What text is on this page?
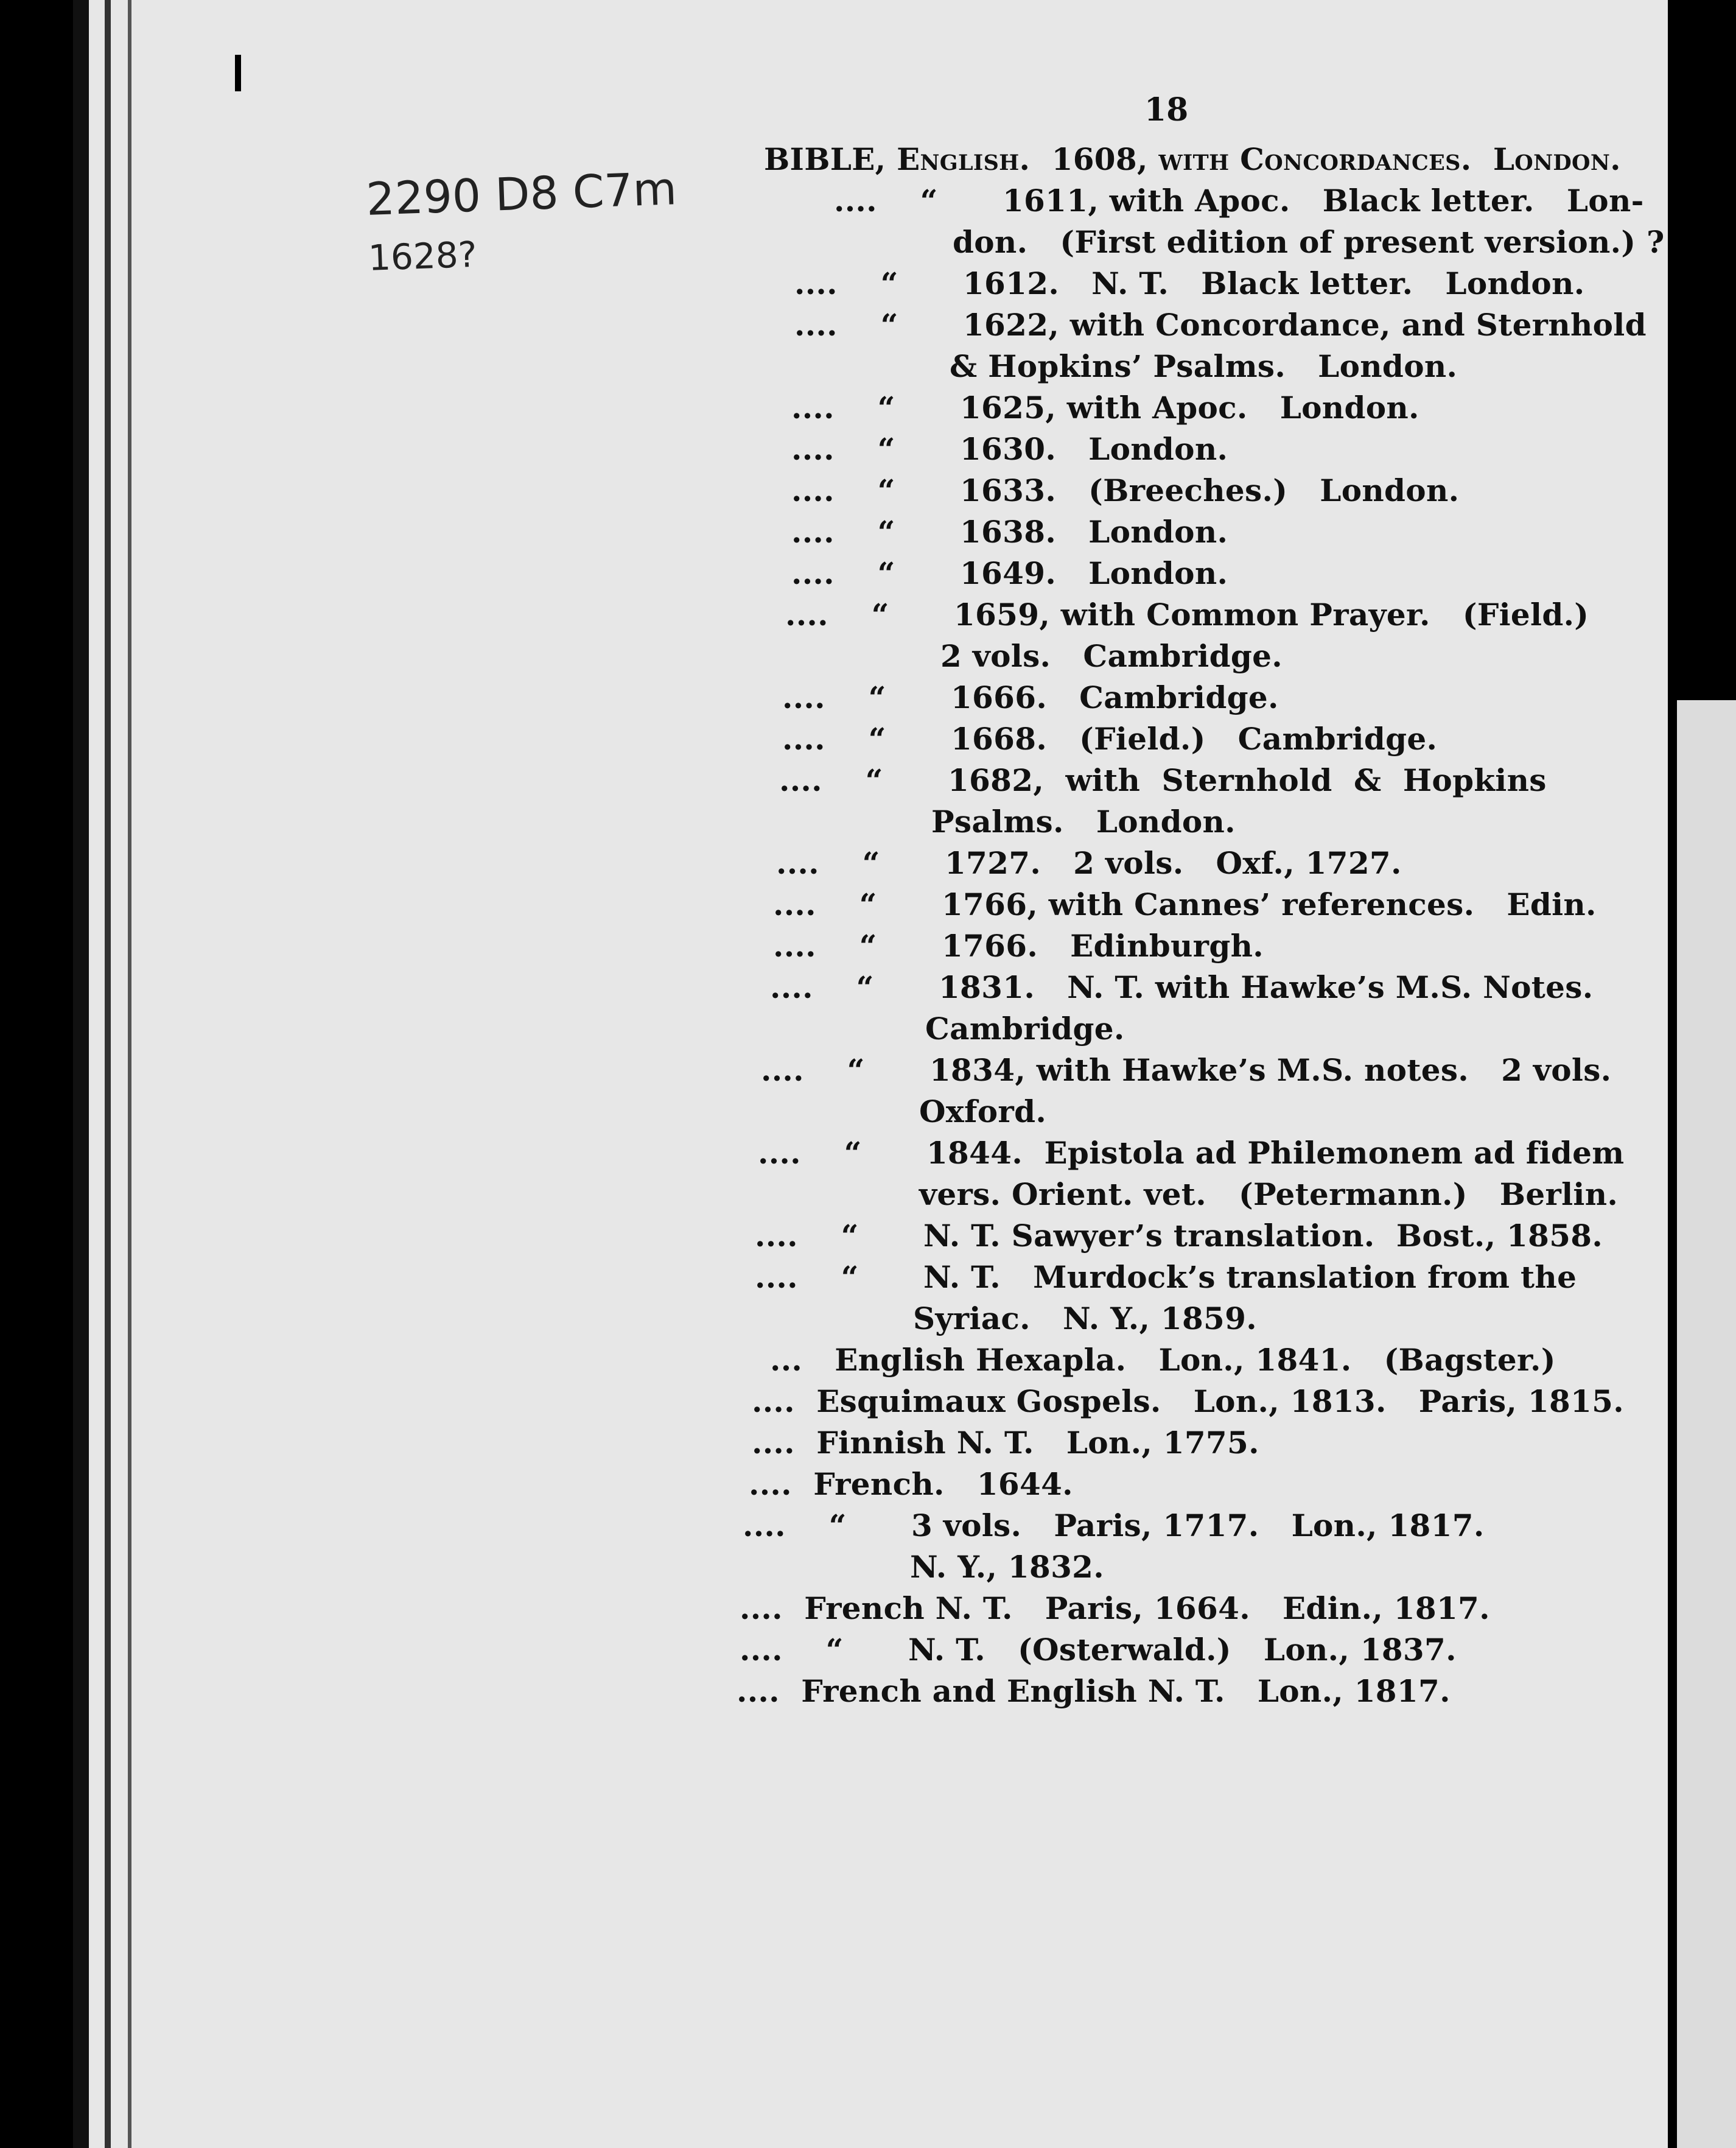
18
2290 D8 C7m
1628?
BIBLE, English.  1608, with Concordances.  London.
....    “      1611, with Apoc.   Black letter.   Lon-
don.   (First edition of present version.) ?
....    “      1612.   N. T.   Black letter.   London.
....    “      1622, with Concordance, and Sternhold
& Hopkins’ Psalms.   London.
....    “      1625, with Apoc.   London.
....    “      1630.   London.
....    “      1633.   (Breeches.)   London.
....    “      1638.   London.
....    “      1649.   London.
....    “      1659, with Common Prayer.   (Field.)
2 vols.   Cambridge.
....    “      1666.   Cambridge.
....    “      1668.   (Field.)   Cambridge.
....    “      1682,  with  Sternhold  &  Hopkins
Psalms.   London.
....    “      1727.   2 vols.   Oxf., 1727.
....    “      1766, with Cannes’ references.   Edin.
....    “      1766.   Edinburgh.
....    “      1831.   N. T. with Hawke’s M.S. Notes.
Cambridge.
....    “      1834, with Hawke’s M.S. notes.   2 vols.
Oxford.
....    “      1844.  Epistola ad Philemonem ad fidem
vers. Orient. vet.   (Petermann.)   Berlin.
....    “      N. T. Sawyer’s translation.  Bost., 1858.
....    “      N. T.   Murdock’s translation from the
Syriac.   N. Y., 1859.
...   English Hexapla.   Lon., 1841.   (Bagster.)
....  Esquimaux Gospels.   Lon., 1813.   Paris, 1815.
....  Finnish N. T.   Lon., 1775.
....  French.   1644.
....    “      3 vols.   Paris, 1717.   Lon., 1817.
N. Y., 1832.
....  French N. T.   Paris, 1664.   Edin., 1817.
....    “      N. T.   (Osterwald.)   Lon., 1837.
....  French and English N. T.   Lon., 1817.
